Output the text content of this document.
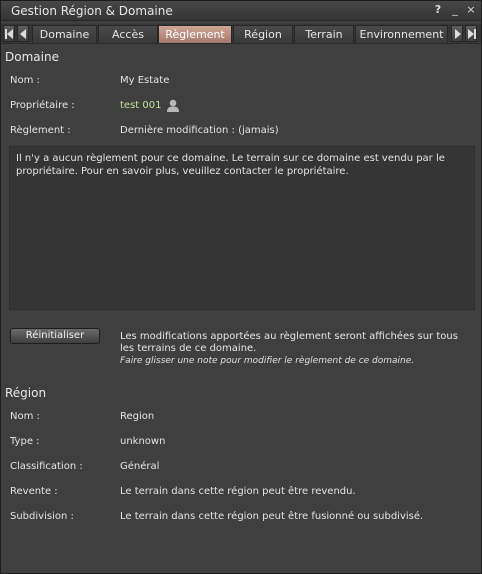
Gestion Région & Domaine	? _ ×
Domaine	Accès	Règlement	Région	Terrain	Environnement
Domaine
Nom :	My Estate
Propriétaire :	test 001
Règlement :	Dernière modification : (jamais)
Il n'y a aucun règlement pour ce domaine. Le terrain sur ce domaine est vendu par le propriétaire. Pour en savoir plus, veuillez contacter le propriétaire.
Réinitialiser	Les modifications apportées au règlement seront affichées sur tous les terrains de ce domaine.
Faire glisser une note pour modifier le règlement de ce domaine.
Région
Nom :	Region
Type :	unknown
Classification :	Général
Revente :	Le terrain dans cette région peut être revendu.
Subdivision :	Le terrain dans cette région peut être fusionné ou subdivisé.
